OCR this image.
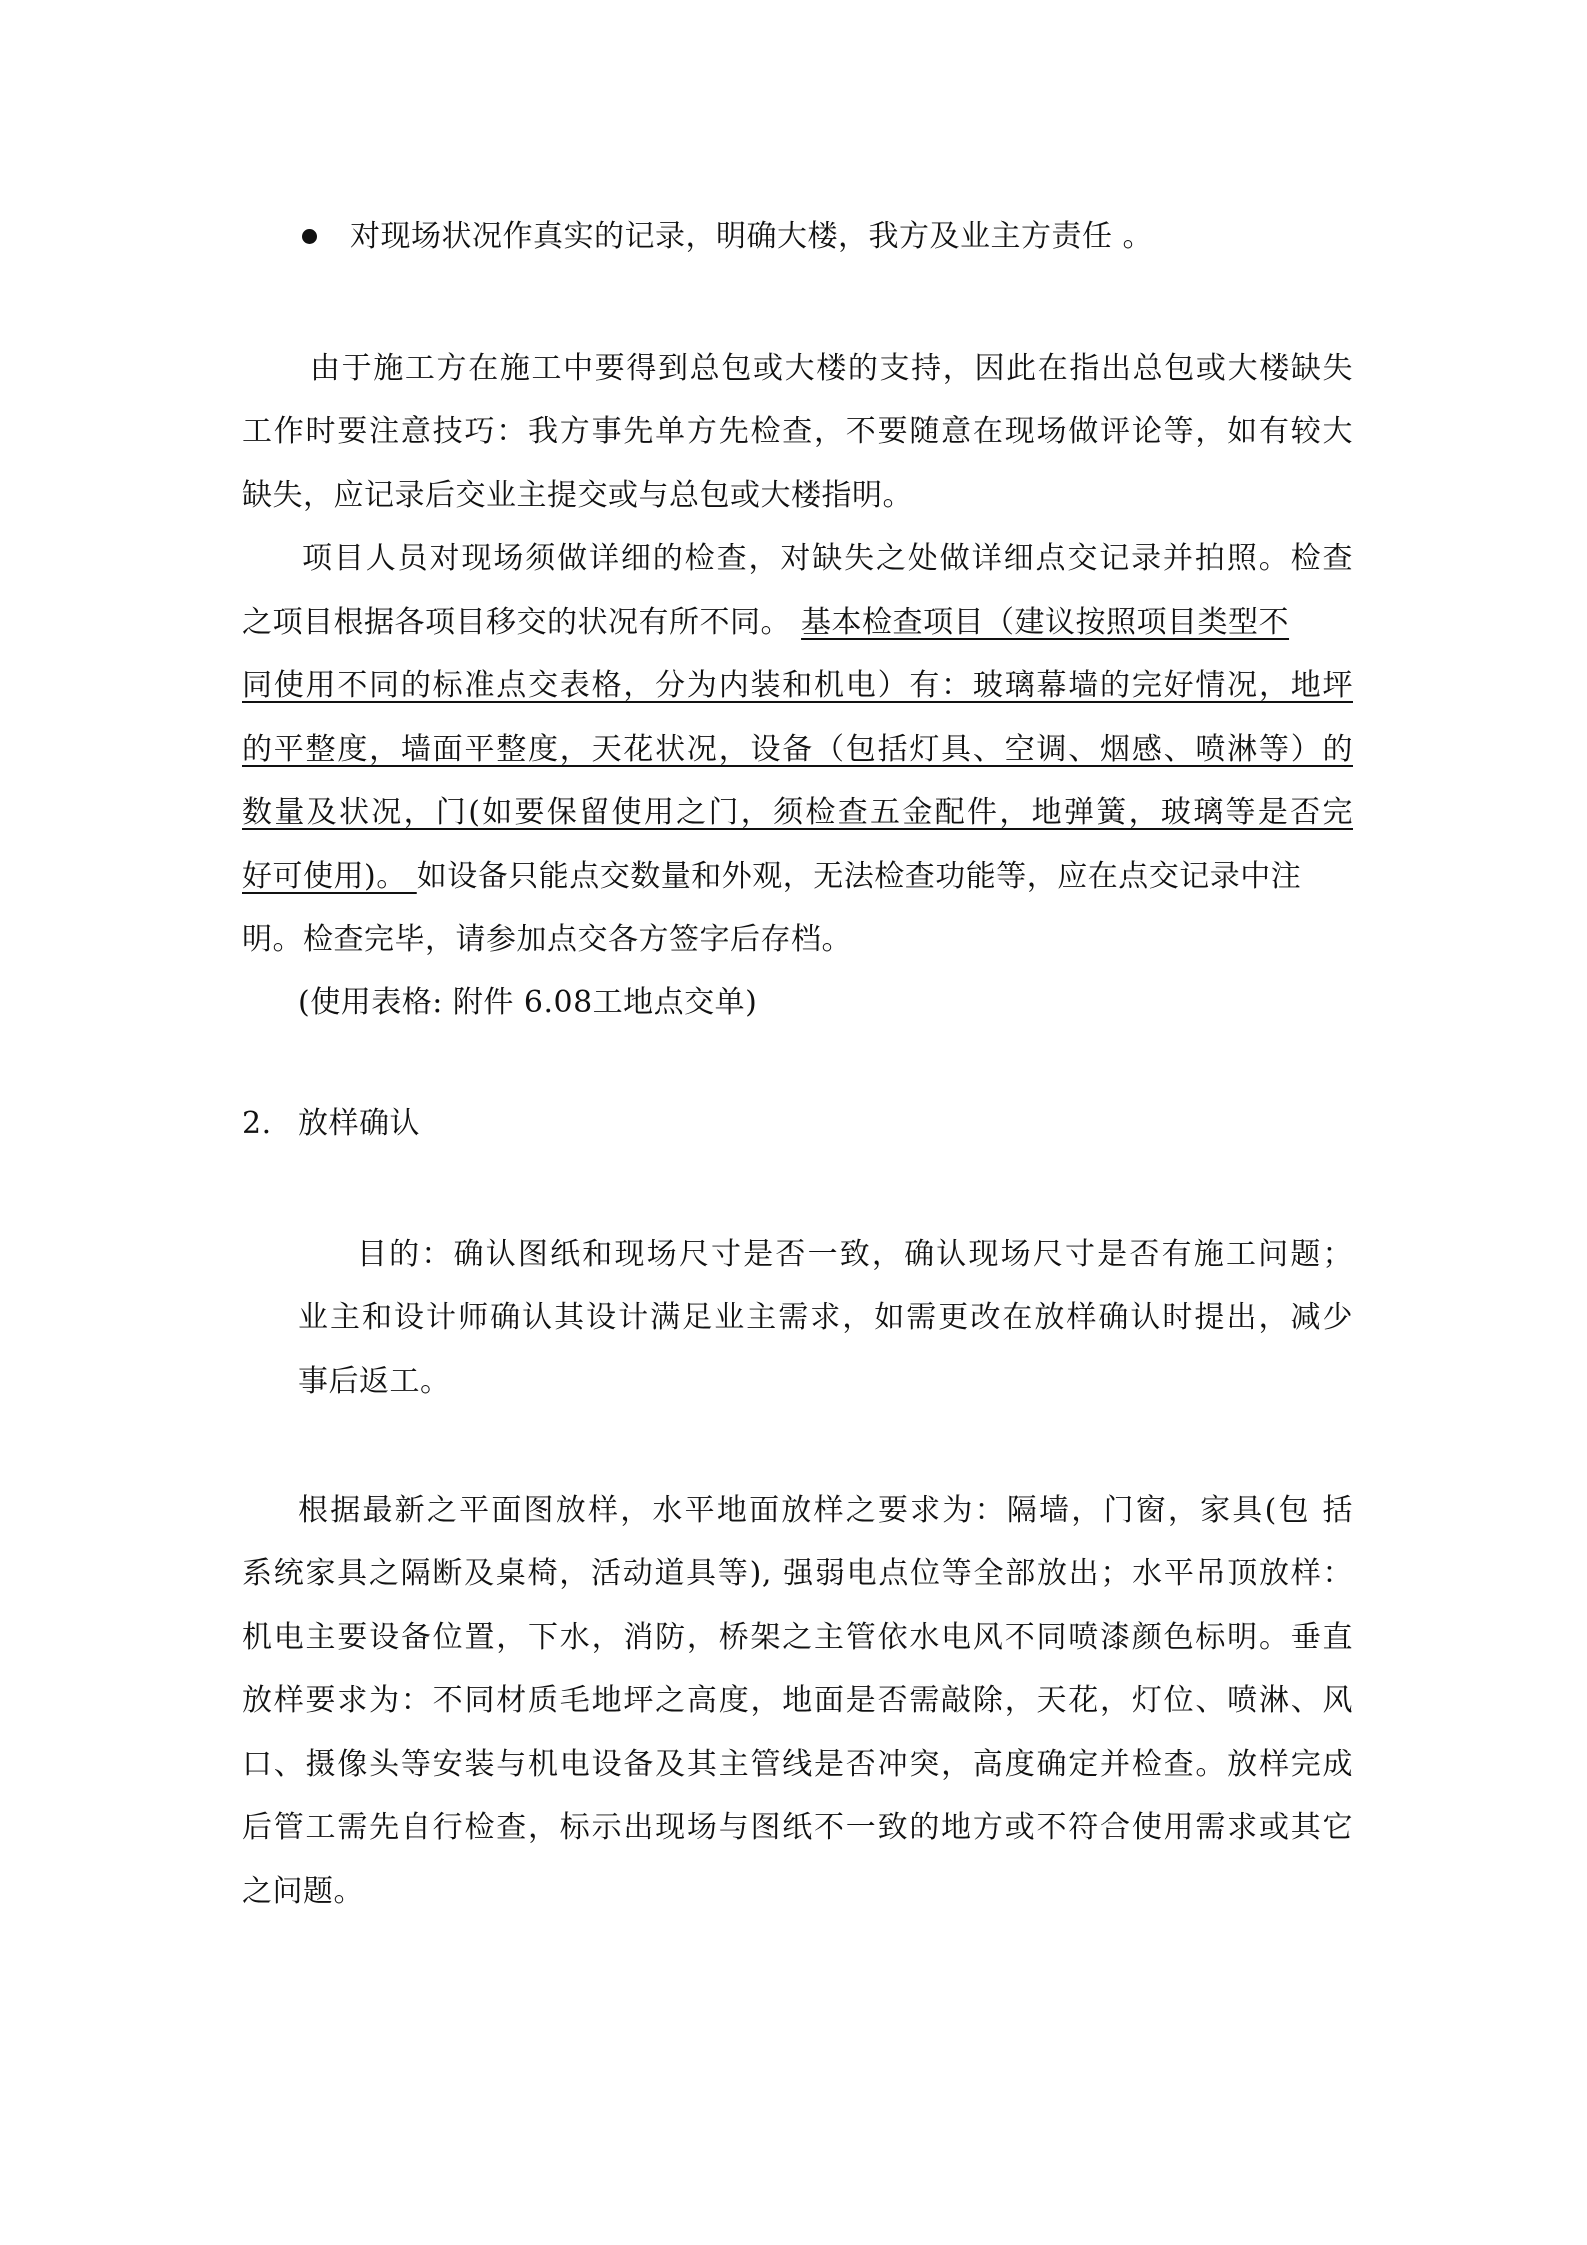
对现场状况作真实的记录，明确大楼，我方及业主方责任 。
由于施工方在施工中要得到总包或大楼的支持，因此在指出总包或大楼缺失
工作时要注意技巧：我方事先单方先检查，不要随意在现场做评论等，如有较大
缺失，应记录后交业主提交或与总包或大楼指明。
项目人员对现场须做详细的检查，对缺失之处做详细点交记录并拍照。检查
之项目根据各项目移交的状况有所不同。 基本检查项目（建议按照项目类型不
同使用不同的标准点交表格，分为内装和机电）有：玻璃幕墙的完好情况，地坪
的平整度，墙面平整度，天花状况，设备（包括灯具、空调、烟感、喷淋等）的
数量及状况，门(如要保留使用之门，须检查五金配件，地弹簧，玻璃等是否完
好可使用)。 如设备只能点交数量和外观，无法检查功能等，应在点交记录中注
明。检查完毕，请参加点交各方签字后存档。
(使用表格: 附件 6.08工地点交单)
2. 放样确认
目的：确认图纸和现场尺寸是否一致，确认现场尺寸是否有施工问题；
业主和设计师确认其设计满足业主需求，如需更改在放样确认时提出，减少
事后返工。
根据最新之平面图放样，水平地面放样之要求为：隔墙，门窗，家具(包 括
系统家具之隔断及桌椅，活动道具等), 强弱电点位等全部放出；水平吊顶放样：
机电主要设备位置，下水，消防，桥架之主管依水电风不同喷漆颜色标明。垂直
放样要求为：不同材质毛地坪之高度，地面是否需敲除，天花，灯位、喷淋、风
口、摄像头等安装与机电设备及其主管线是否冲突，高度确定并检查。放样完成
后管工需先自行检查，标示出现场与图纸不一致的地方或不符合使用需求或其它
之问题。
